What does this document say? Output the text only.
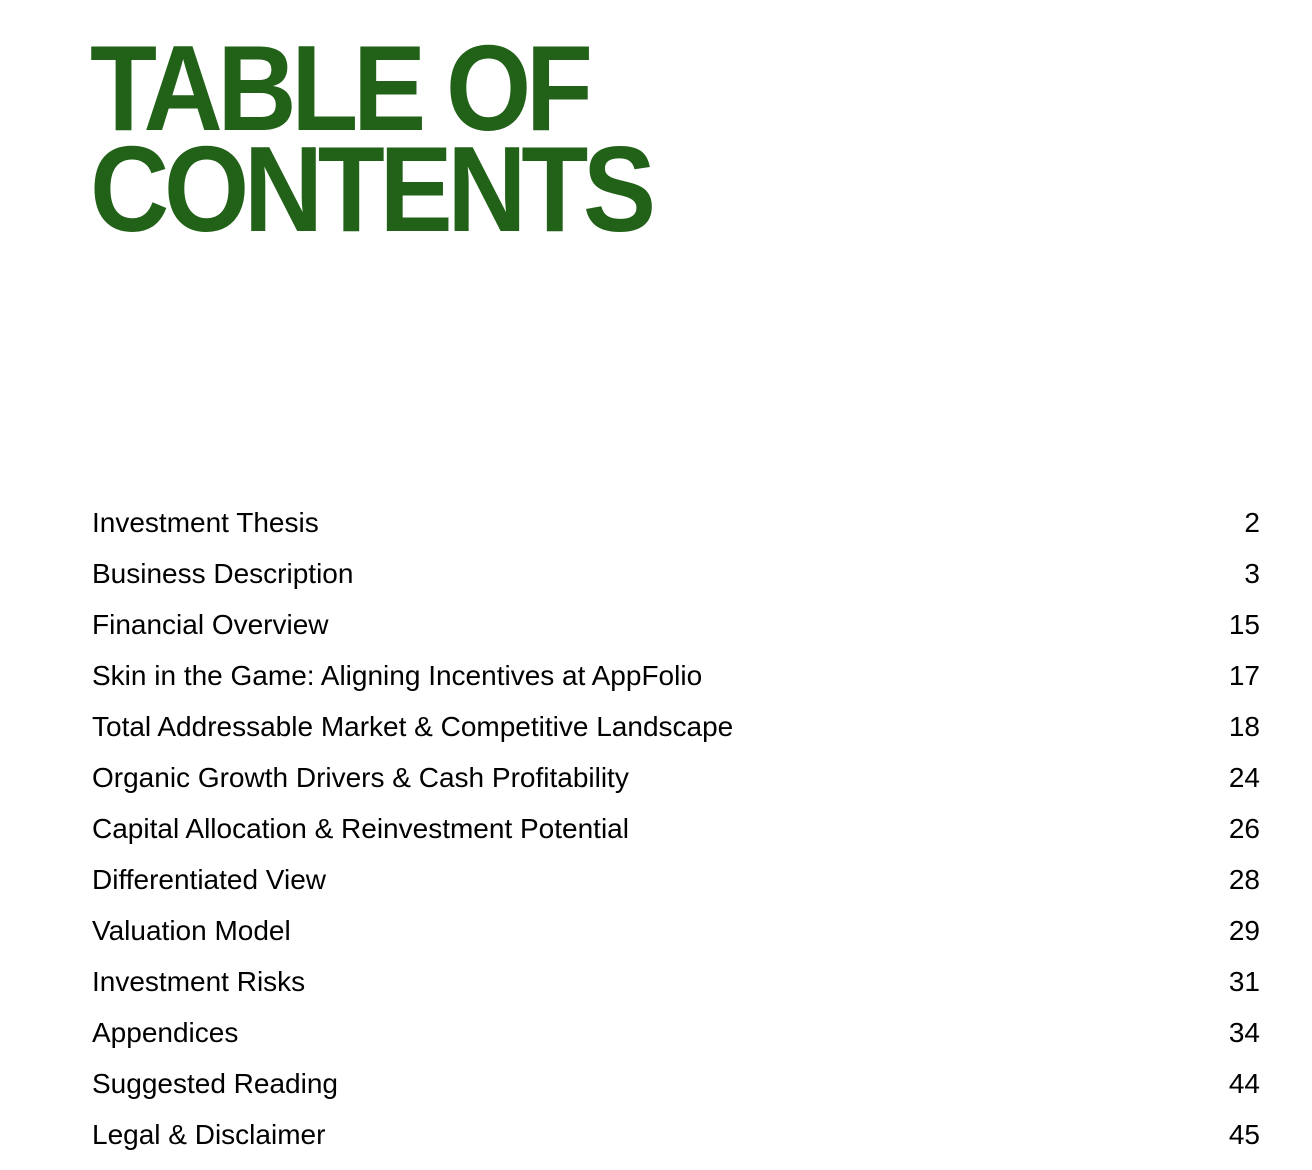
TABLE OF
CONTENTS
Investment Thesis	2
Business Description	3
Financial Overview	15
Skin in the Game: Aligning Incentives at AppFolio	17
Total Addressable Market & Competitive Landscape	18
Organic Growth Drivers & Cash Profitability	24
Capital Allocation & Reinvestment Potential	26
Differentiated View	28
Valuation Model	29
Investment Risks	31
Appendices	34
Suggested Reading	44
Legal & Disclaimer	45
